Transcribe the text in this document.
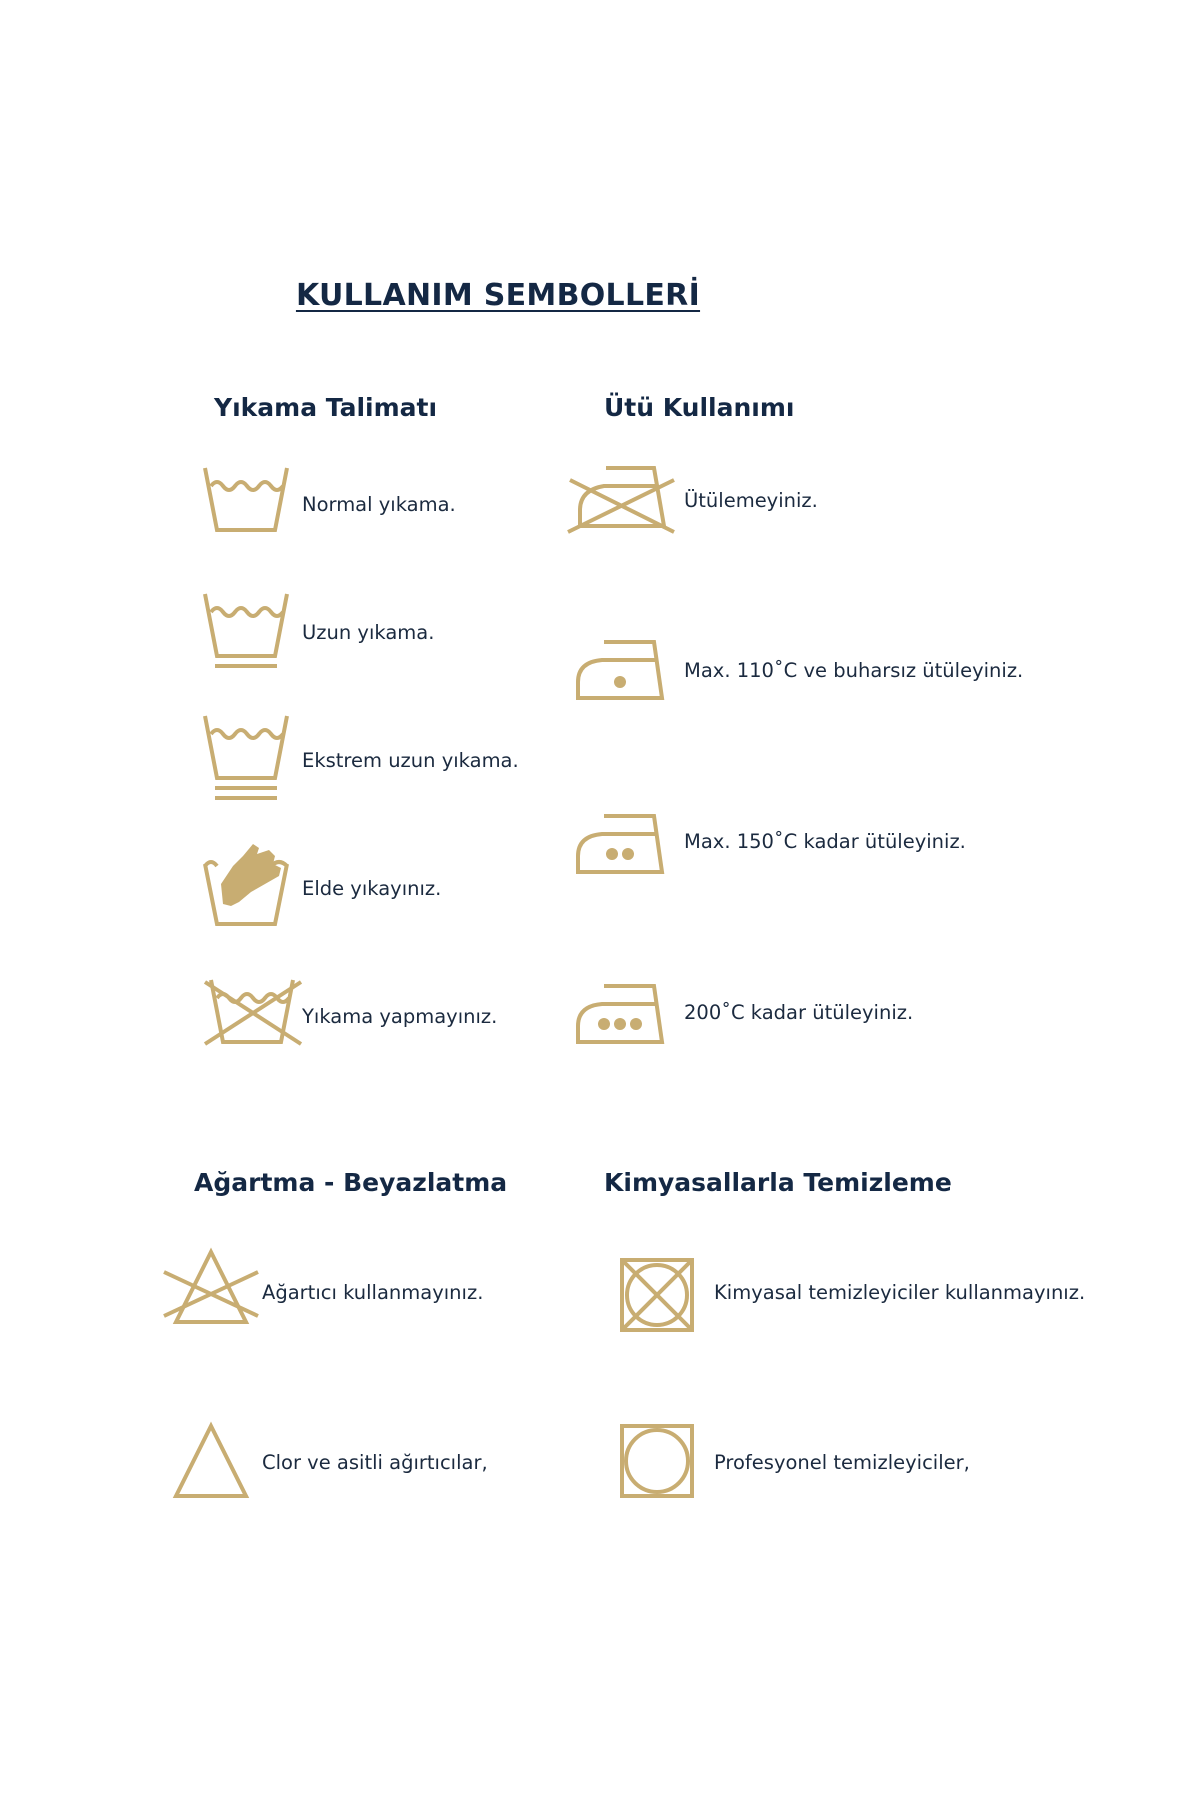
KULLANIM SEMBOLLERİ
Yıkama Talimatı
Normal yıkama.
Uzun yıkama.
Ekstrem uzun yıkama.
Elde yıkayınız.
Yıkama yapmayınız.
Ütü Kullanımı
Ütülemeyiniz.
Max. 110˚C ve buharsız ütüleyiniz.
Max. 150˚C kadar ütüleyiniz.
200˚C kadar ütüleyiniz.
Ağartma - Beyazlatma
Ağartıcı kullanmayınız.
Clor ve asitli ağırtıcılar,
Kimyasallarla Temizleme
Kimyasal temizleyiciler kullanmayınız.
Profesyonel temizleyiciler,
